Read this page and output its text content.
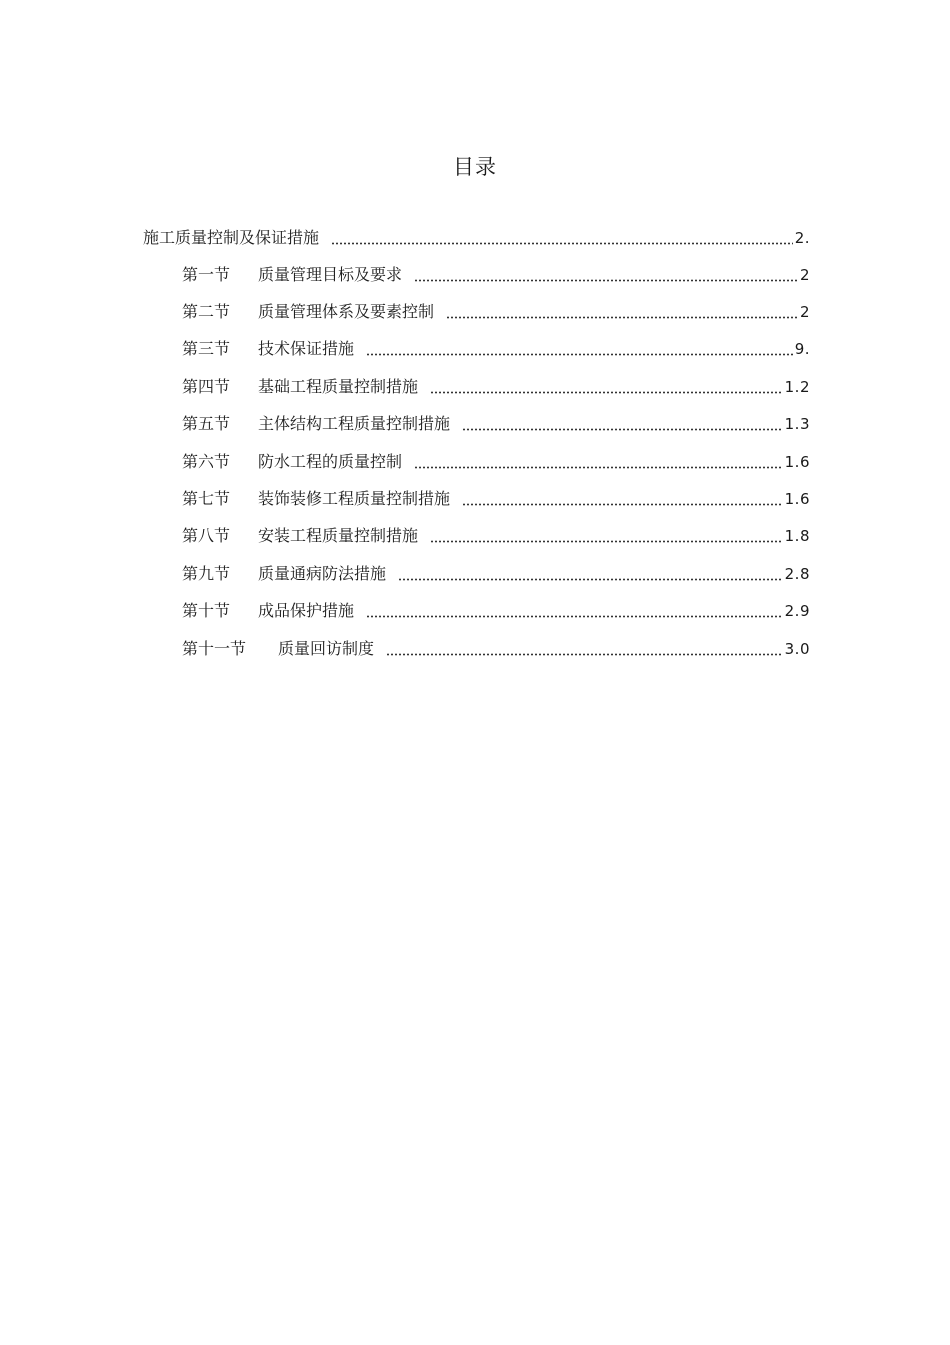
目录
施工质量控制及保证措施	2.
第一节	质量管理目标及要求	2
第二节	质量管理体系及要素控制	2
第三节	技术保证措施	9.
第四节	基础工程质量控制措施	1.2
第五节	主体结构工程质量控制措施	1.3
第六节	防水工程的质量控制	1.6
第七节	装饰装修工程质量控制措施	1.6
第八节	安装工程质量控制措施	1.8
第九节	质量通病防法措施	2.8
第十节	成品保护措施	2.9
第十一节	质量回访制度	3.0
